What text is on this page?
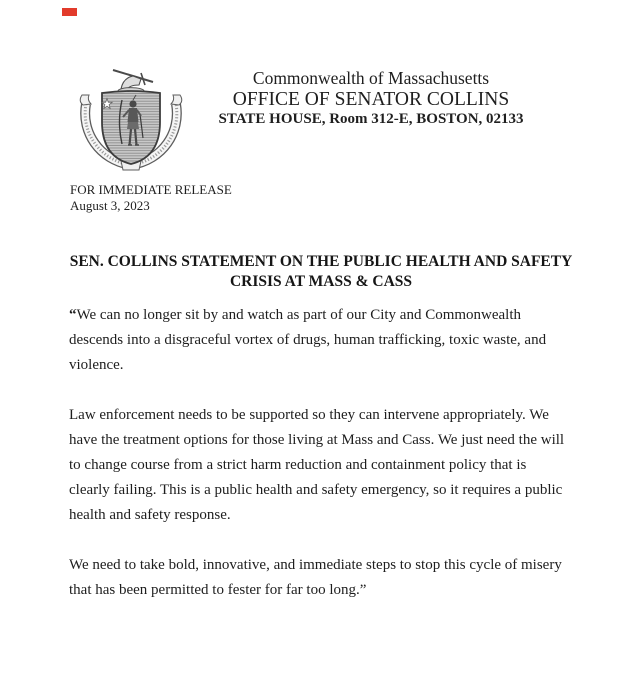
Commonwealth of Massachusetts
OFFICE OF SENATOR COLLINS
STATE HOUSE, Room 312-E, BOSTON, 02133
FOR IMMEDIATE RELEASE
August 3, 2023
SEN. COLLINS STATEMENT ON THE PUBLIC HEALTH AND SAFETY
CRISIS AT MASS & CASS

“We can no longer sit by and watch as part of our City and Commonwealth
descends into a disgraceful vortex of drugs, human trafficking, toxic waste, and
violence.

Law enforcement needs to be supported so they can intervene appropriately. We
have the treatment options for those living at Mass and Cass. We just need the will
to change course from a strict harm reduction and containment policy that is
clearly failing. This is a public health and safety emergency, so it requires a public
health and safety response.

We need to take bold, innovative, and immediate steps to stop this cycle of misery
that has been permitted to fester for far too long.”
